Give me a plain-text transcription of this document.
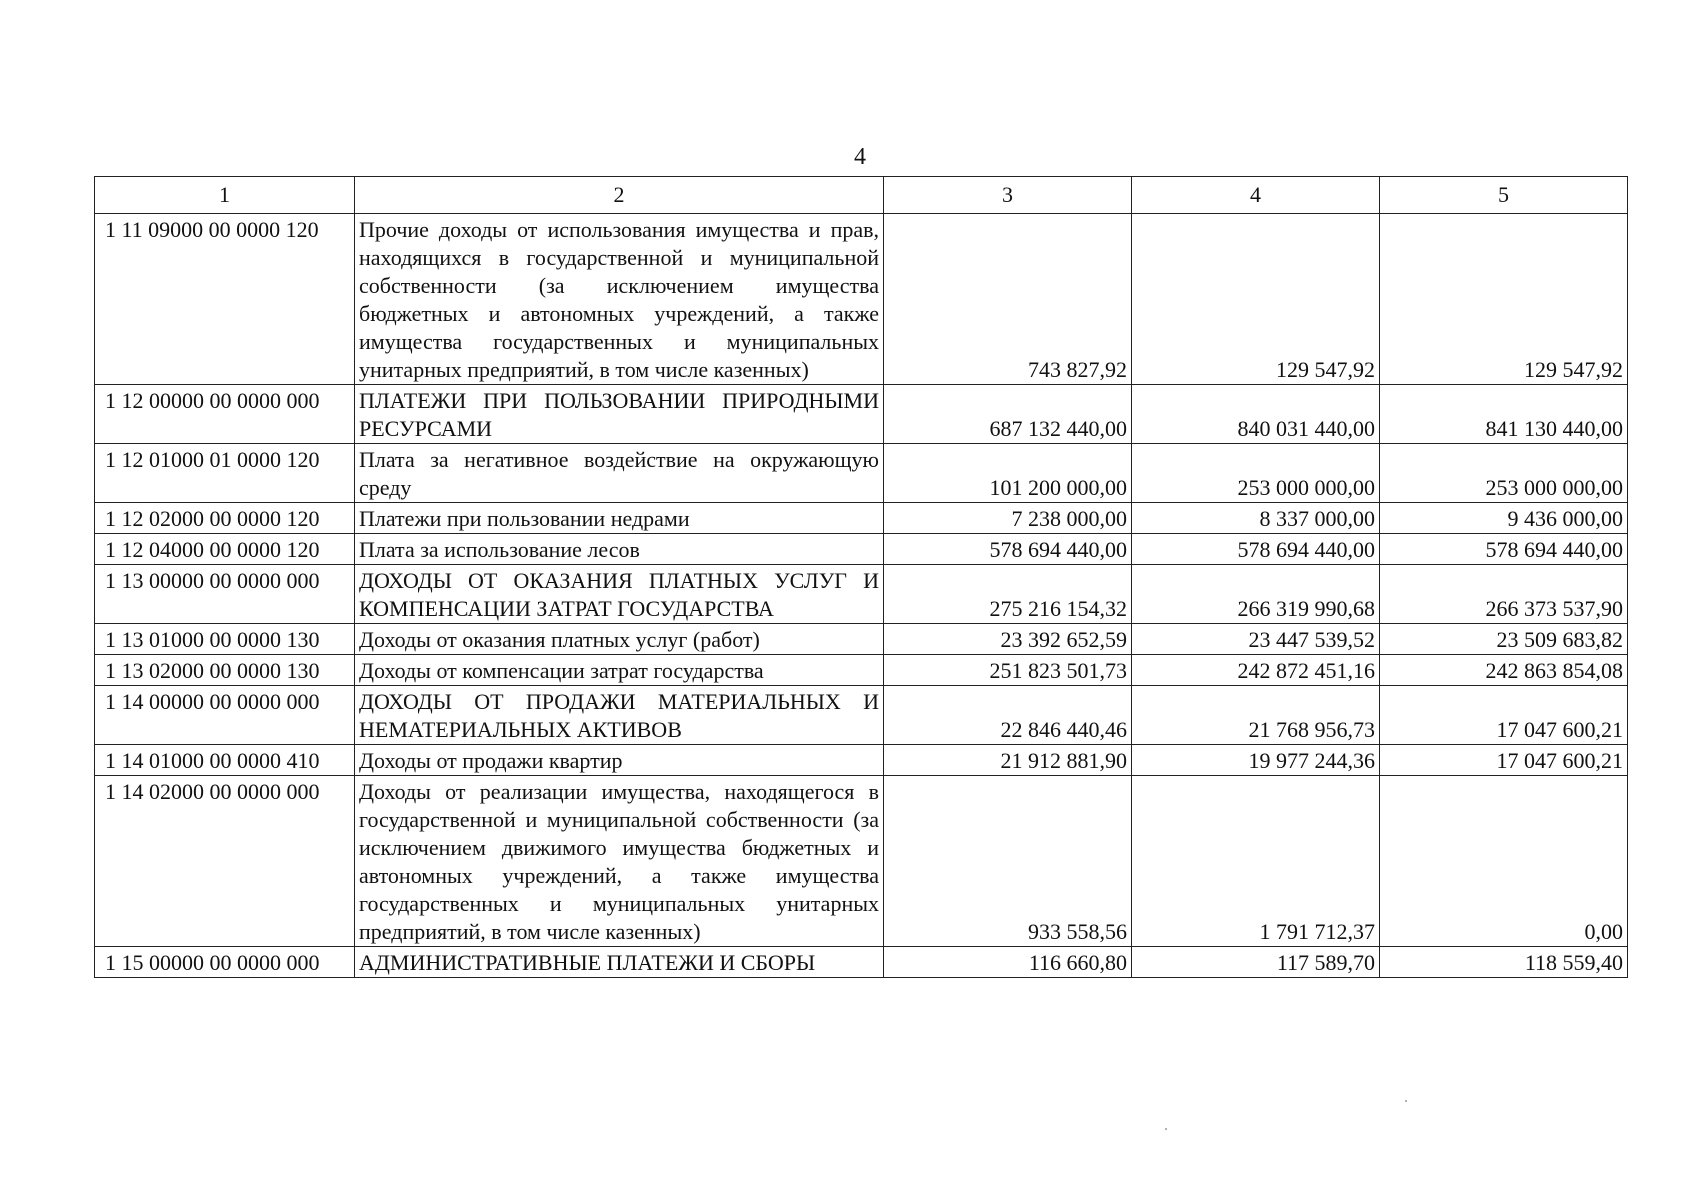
4
1	2	3	4	5
1 11 09000 00 0000 120	Прочие доходы от использования имущества и прав, находящихся в государственной и муниципальной собственности (за исключением имущества бюджетных и автономных учреждений, а также имущества государственных и муниципальных унитарных предприятий, в том числе казенных)	743 827,92	129 547,92	129 547,92
1 12 00000 00 0000 000	ПЛАТЕЖИ ПРИ ПОЛЬЗОВАНИИ ПРИРОДНЫМИ РЕСУРСАМИ	687 132 440,00	840 031 440,00	841 130 440,00
1 12 01000 01 0000 120	Плата за негативное воздействие на окружающую среду	101 200 000,00	253 000 000,00	253 000 000,00
1 12 02000 00 0000 120	Платежи при пользовании недрами	7 238 000,00	8 337 000,00	9 436 000,00
1 12 04000 00 0000 120	Плата за использование лесов	578 694 440,00	578 694 440,00	578 694 440,00
1 13 00000 00 0000 000	ДОХОДЫ ОТ ОКАЗАНИЯ ПЛАТНЫХ УСЛУГ И КОМПЕНСАЦИИ ЗАТРАТ ГОСУДАРСТВА	275 216 154,32	266 319 990,68	266 373 537,90
1 13 01000 00 0000 130	Доходы от оказания платных услуг (работ)	23 392 652,59	23 447 539,52	23 509 683,82
1 13 02000 00 0000 130	Доходы от компенсации затрат государства	251 823 501,73	242 872 451,16	242 863 854,08
1 14 00000 00 0000 000	ДОХОДЫ ОТ ПРОДАЖИ МАТЕРИАЛЬНЫХ И НЕМАТЕРИАЛЬНЫХ АКТИВОВ	22 846 440,46	21 768 956,73	17 047 600,21
1 14 01000 00 0000 410	Доходы от продажи квартир	21 912 881,90	19 977 244,36	17 047 600,21
1 14 02000 00 0000 000	Доходы от реализации имущества, находящегося в государственной и муниципальной собственности (за исключением движимого имущества бюджетных и автономных учреждений, а также имущества государственных и муниципальных унитарных предприятий, в том числе казенных)	933 558,56	1 791 712,37	0,00
1 15 00000 00 0000 000	АДМИНИСТРАТИВНЫЕ ПЛАТЕЖИ И СБОРЫ	116 660,80	117 589,70	118 559,40
